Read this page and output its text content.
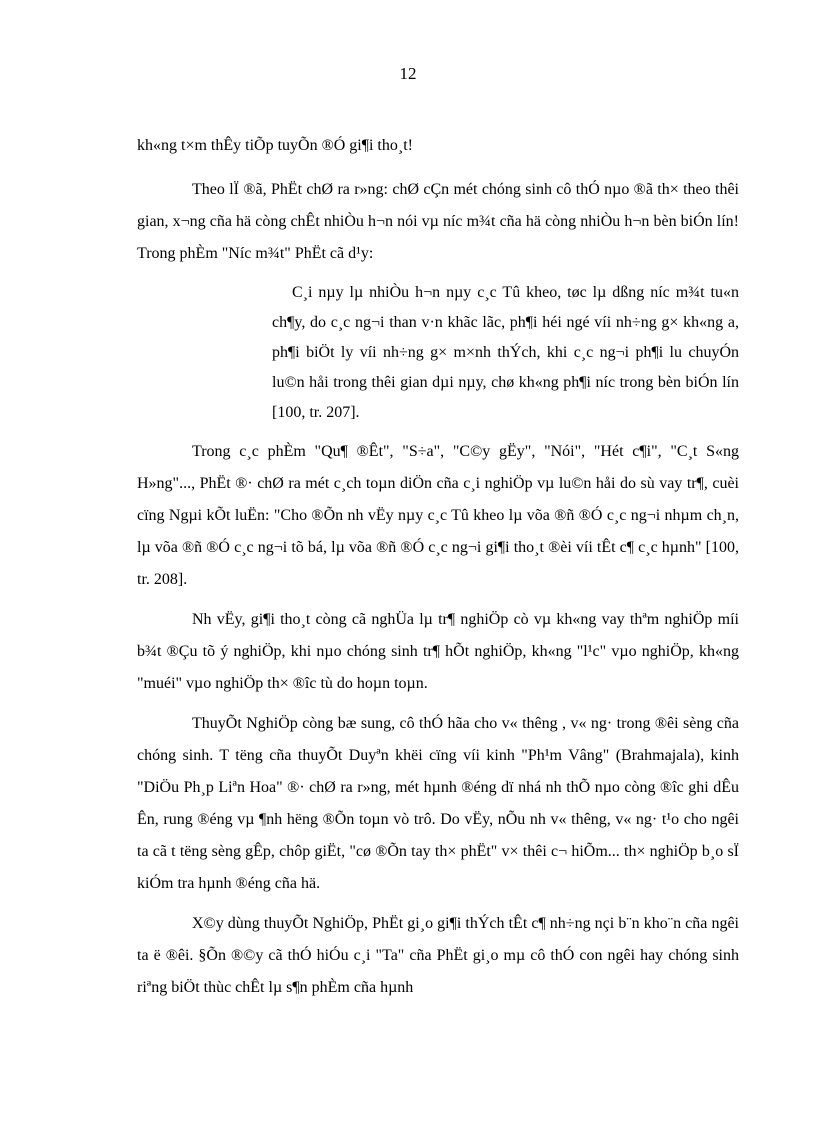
12

kh«ng t×m thÊy tiÕp tuyÕn ®Ó gi¶i tho¸t!

Theo lÏ ®ã, PhËt chØ ra r»ng: chØ cÇn mét chóng sinh cô thÓ nµo ®ã th× theo thêi gian, x¬ng cña hä còng chÊt nhiÒu h¬n nói vµ níc m¾t cña hä còng nhiÒu h¬n bèn biÓn lín! Trong phÈm "Níc m¾t" PhËt cã d¹y:

C¸i nµy lµ nhiÒu h¬n nµy c¸c Tû kheo, tøc lµ dßng níc m¾t tu«n ch¶y, do c¸c ng¬i than v·n khãc lãc, ph¶i héi ngé víi nh÷ng g× kh«ng a, ph¶i biÖt ly víi nh÷ng g× m×nh thÝch, khi c¸c ng¬i ph¶i lu chuyÓn lu©n håi trong thêi gian dµi nµy, chø kh«ng ph¶i níc trong bèn biÓn lín [100, tr. 207].

Trong c¸c phÈm "Qu¶ ®Êt", "S÷a", "C©y gËy", "Nói", "Hét c¶i", "C¸t S«ng H»ng"..., PhËt ®· chØ ra mét c¸ch toµn diÖn cña c¸i nghiÖp vµ lu©n håi do sù vay tr¶, cuèi cïng Ngµi kÕt luËn: "Cho ®Õn nh vËy nµy c¸c Tû kheo lµ võa ®ñ ®Ó c¸c ng¬i nhµm ch¸n, lµ võa ®ñ ®Ó c¸c ng¬i tõ bá, lµ võa ®ñ ®Ó c¸c ng¬i gi¶i tho¸t ®èi víi tÊt c¶ c¸c hµnh" [100, tr. 208].

Nh vËy, gi¶i tho¸t còng cã nghÜa lµ tr¶ nghiÖp cò vµ kh«ng vay thªm nghiÖp míi b¾t ®Çu tõ ý nghiÖp, khi nµo chóng sinh tr¶ hÕt nghiÖp, kh«ng "l¹c" vµo nghiÖp, kh«ng "muéi" vµo nghiÖp th× ®îc tù do hoµn toµn.

ThuyÕt NghiÖp còng bæ sung, cô thÓ hãa cho v« thêng , v« ng· trong ®êi sèng cña chóng sinh. T tëng cña thuyÕt Duyªn khëi cïng víi kinh "Ph¹m Vâng" (Brahmajala), kinh "DiÖu Ph¸p Liªn Hoa" ®· chØ ra r»ng, mét hµnh ®éng dï nhá nh thÕ nµo còng ®îc ghi dÊu Ên, rung ®éng vµ ¶nh hëng ®Õn toµn vò trô. Do vËy, nÕu nh v« thêng, v« ng· t¹o cho ngêi ta cã t tëng sèng gÊp, chôp giËt, "cø ®Õn tay th× phËt" v× thêi c¬ hiÕm... th× nghiÖp b¸o sÏ kiÓm tra hµnh ®éng cña hä.

X©y dùng thuyÕt NghiÖp, PhËt gi¸o gi¶i thÝch tÊt c¶ nh÷ng nçi b¨n kho¨n cña ngêi ta ë ®êi. §Õn ®©y cã thÓ hiÓu c¸i "Ta" cña PhËt gi¸o mµ cô thÓ con ngêi hay chóng sinh riªng biÖt thùc chÊt lµ s¶n phÈm cña hµnh
